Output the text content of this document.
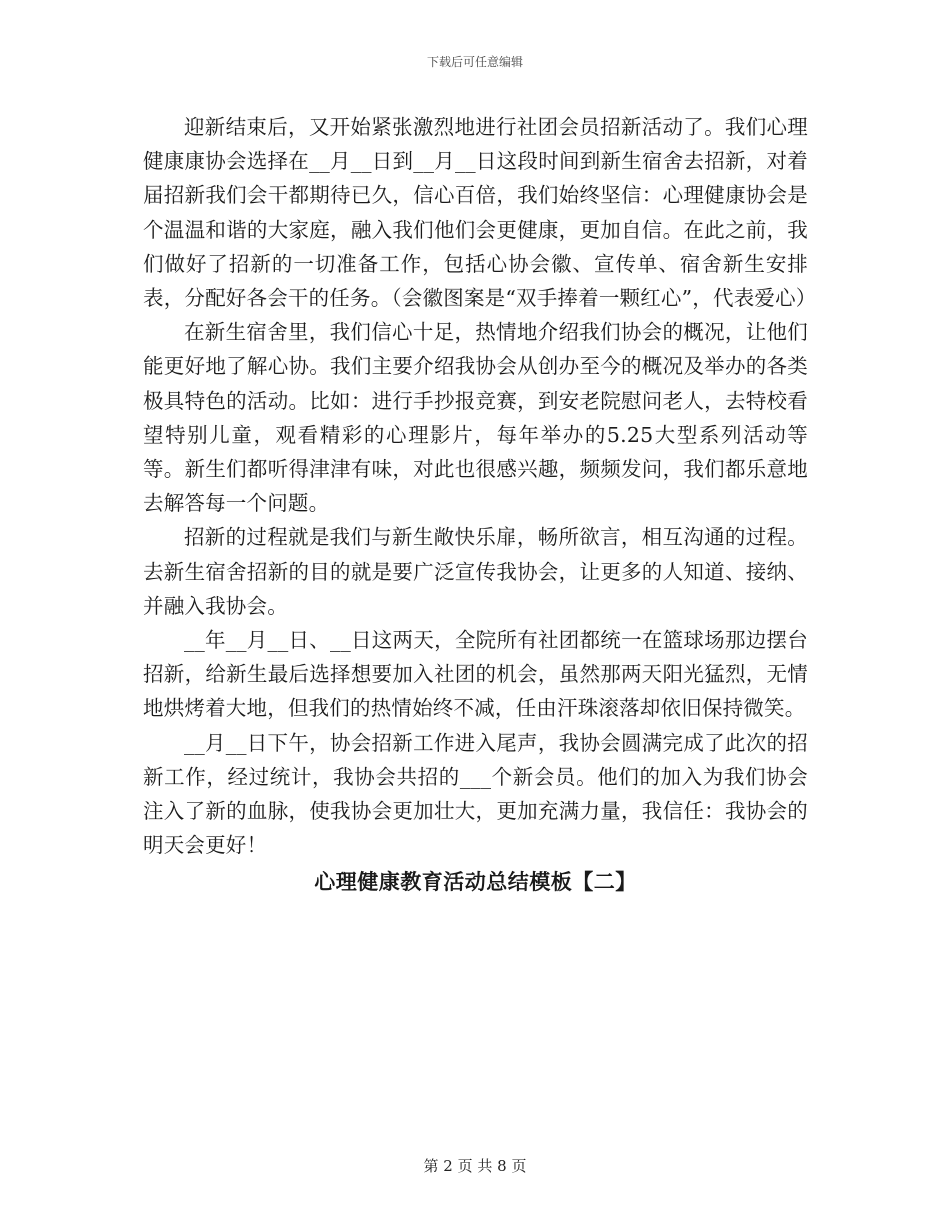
下载后可任意编辑

迎新结束后，又开始紧张激烈地进行社团会员招新活动了。我们心理健康康协会选择在__月__日到__月__日这段时间到新生宿舍去招新，对着届招新我们会干都期待已久，信心百倍，我们始终坚信：心理健康协会是个温温和谐的大家庭，融入我们他们会更健康，更加自信。在此之前，我们做好了招新的一切准备工作，包括心协会徽、宣传单、宿舍新生安排表，分配好各会干的任务。（会徽图案是“双手捧着一颗红心”，代表爱心）

在新生宿舍里，我们信心十足，热情地介绍我们协会的概况，让他们能更好地了解心协。我们主要介绍我协会从创办至今的概况及举办的各类极具特色的活动。比如：进行手抄报竞赛，到安老院慰问老人，去特校看望特别儿童，观看精彩的心理影片，每年举办的5.25大型系列活动等等。新生们都听得津津有味，对此也很感兴趣，频频发问，我们都乐意地去解答每一个问题。

招新的过程就是我们与新生敞快乐扉，畅所欲言，相互沟通的过程。去新生宿舍招新的目的就是要广泛宣传我协会，让更多的人知道、接纳、并融入我协会。

__年__月__日、__日这两天，全院所有社团都统一在篮球场那边摆台招新，给新生最后选择想要加入社团的机会，虽然那两天阳光猛烈，无情地烘烤着大地，但我们的热情始终不减，任由汗珠滚落却依旧保持微笑。

__月__日下午，协会招新工作进入尾声，我协会圆满完成了此次的招新工作，经过统计，我协会共招的___个新会员。他们的加入为我们协会注入了新的血脉，使我协会更加壮大，更加充满力量，我信任：我协会的明天会更好！

心理健康教育活动总结模板【二】
第 2 页 共 8 页
